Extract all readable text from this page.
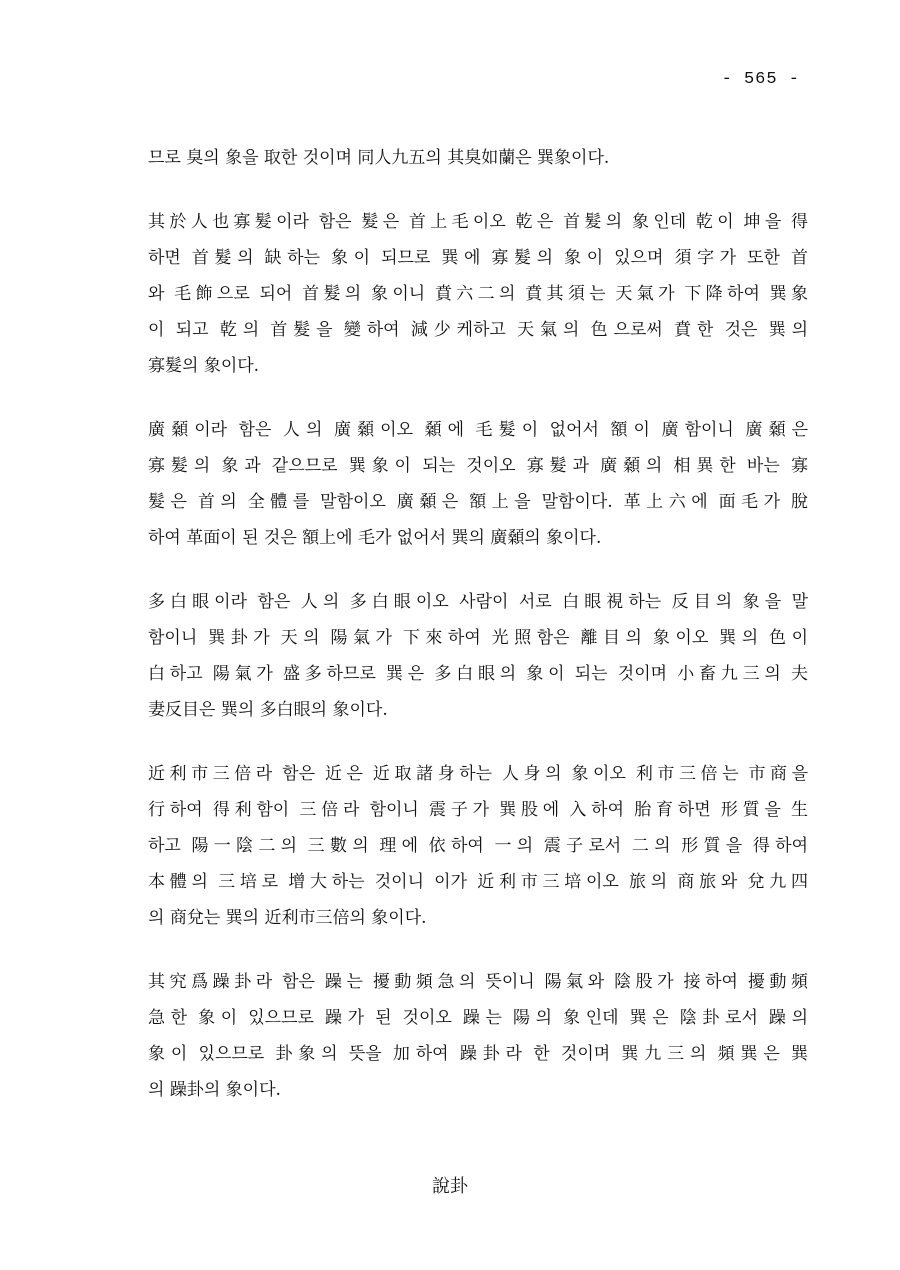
- 565 -

므로 臭의 象을 取한 것이며 同人九五의 其臭如蘭은 巽象이다.

其於人也寡髮이라 함은 髮은 首上毛이오 乾은 首髮의 象인데 乾이 坤을 得
하면 首髮의 缺하는 象이 되므로 巽에 寡髮의 象이 있으며 須字가 또한 首
와 毛飾으로 되어 首髮의 象이니 賁六二의 賁其須는 天氣가 下降하여 巽象
이 되고 乾의 首髮을 變하여 減少케하고 天氣의 色으로써 賁한 것은 巽의
寡髮의 象이다.

廣顙이라 함은 人의 廣顙이오 顙에 毛髮이 없어서 額이 廣함이니 廣顙은
寡髮의 象과 같으므로 巽象이 되는 것이오 寡髮과 廣顙의 相異한 바는 寡
髮은 首의 全體를 말함이오 廣顙은 額上을 말함이다. 革上六에 面毛가 脫
하여 革面이 된 것은 額上에 毛가 없어서 巽의 廣顙의 象이다.

多白眼이라 함은 人의 多白眼이오 사람이 서로 白眼視하는 反目의 象을 말
함이니 巽卦가 天의 陽氣가 下來하여 光照함은 離目의 象이오 巽의 色이
白하고 陽氣가 盛多하므로 巽은 多白眼의 象이 되는 것이며 小畜九三의 夫
妻反目은 巽의 多白眼의 象이다.

近利市三倍라 함은 近은 近取諸身하는 人身의 象이오 利市三倍는 市商을
行하여 得利함이 三倍라 함이니 震子가 巽股에 入하여 胎育하면 形質을 生
하고 陽一陰二의 三數의 理에 依하여 一의 震子로서 二의 形質을 得하여
本體의 三培로 增大하는 것이니 이가 近利市三培이오 旅의 商旅와 兌九四
의 商兌는 巽의 近利市三倍의 象이다.

其究爲躁卦라 함은 躁는 擾動頻急의 뜻이니 陽氣와 陰股가 接하여 擾動頻
急한 象이 있으므로 躁가 된 것이오 躁는 陽의 象인데 巽은 陰卦로서 躁의
象이 있으므로 卦象의 뜻을 加하여 躁卦라 한 것이며 巽九三의 頻巽은 巽
의 躁卦의 象이다.

說卦
